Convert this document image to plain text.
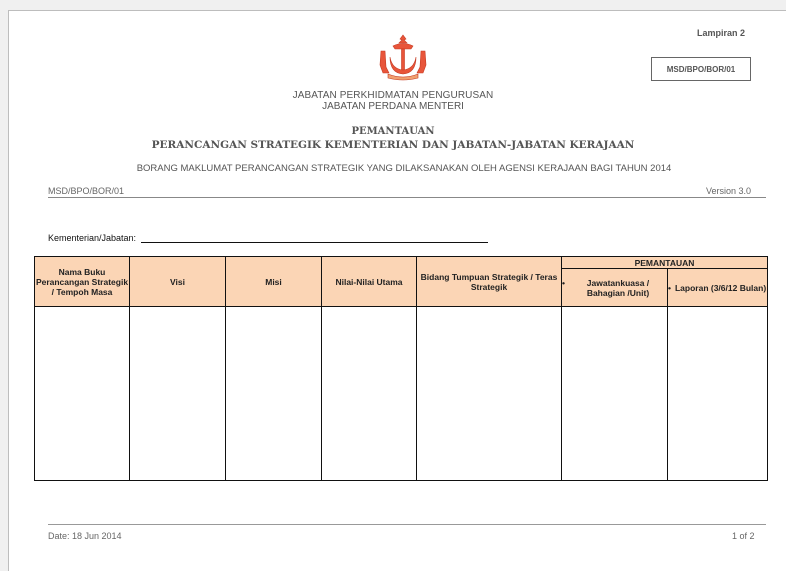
Lampiran 2
MSD/BPO/BOR/01
JABATAN PERKHIDMATAN PENGURUSAN
JABATAN PERDANA MENTERI
PEMANTAUAN
PERANCANGAN STRATEGIK KEMENTERIAN DAN JABATAN-JABATAN KERAJAAN
BORANG MAKLUMAT PERANCANGAN STRATEGIK YANG DILAKSANAKAN OLEH AGENSI KERAJAAN BAGI TAHUN 2014
MSD/BPO/BOR/01	Version 3.0
Kementerian/Jabatan:
Nama Buku Perancangan Strategik / Tempoh Masa	Visi	Misi	Nilai-Nilai Utama	Bidang Tumpuan Strategik / Teras Strategik	PEMANTAUAN	

					• Jawatankuasa / Bahagian /Unit)	• Laporan (3/6/12 Bulan)

Date: 18 Jun 2014	1 of 2
